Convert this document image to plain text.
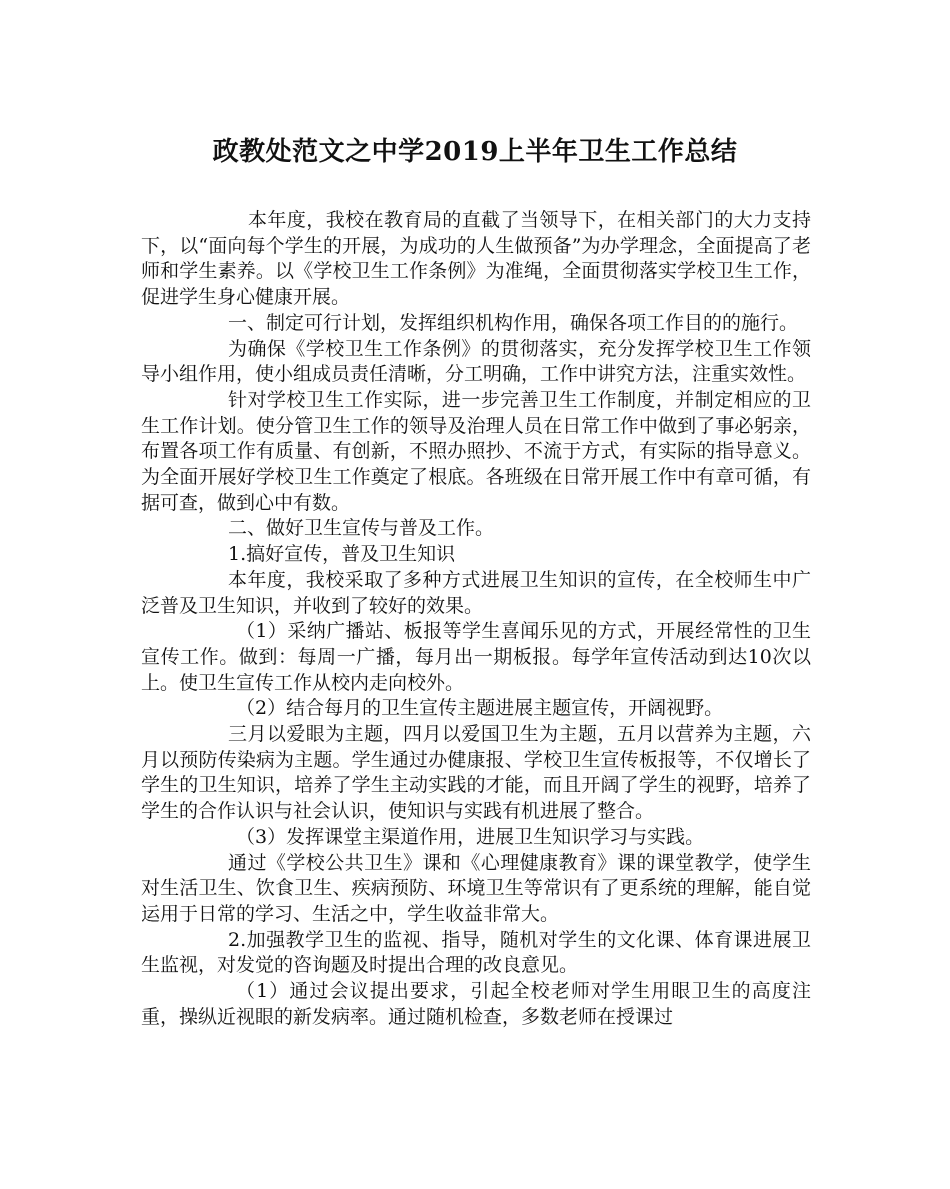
政教处范文之中学2019上半年卫生工作总结

本年度，我校在教育局的直截了当领导下，在相关部门的大力支持下，以“面向每个学生的开展，为成功的人生做预备”为办学理念，全面提高了老师和学生素养。以《学校卫生工作条例》为准绳，全面贯彻落实学校卫生工作，促进学生身心健康开展。

一、制定可行计划，发挥组织机构作用，确保各项工作目的的施行。

为确保《学校卫生工作条例》的贯彻落实，充分发挥学校卫生工作领导小组作用，使小组成员责任清晰，分工明确，工作中讲究方法，注重实效性。

针对学校卫生工作实际，进一步完善卫生工作制度，并制定相应的卫生工作计划。使分管卫生工作的领导及治理人员在日常工作中做到了事必躬亲，布置各项工作有质量、有创新，不照办照抄、不流于方式，有实际的指导意义。为全面开展好学校卫生工作奠定了根底。各班级在日常开展工作中有章可循，有据可查，做到心中有数。

二、做好卫生宣传与普及工作。

1.搞好宣传，普及卫生知识

本年度，我校采取了多种方式进展卫生知识的宣传，在全校师生中广泛普及卫生知识，并收到了较好的效果。

（1）采纳广播站、板报等学生喜闻乐见的方式，开展经常性的卫生宣传工作。做到：每周一广播，每月出一期板报。每学年宣传活动到达10次以上。使卫生宣传工作从校内走向校外。

（2）结合每月的卫生宣传主题进展主题宣传，开阔视野。

三月以爱眼为主题，四月以爱国卫生为主题，五月以营养为主题，六月以预防传染病为主题。学生通过办健康报、学校卫生宣传板报等，不仅增长了学生的卫生知识，培养了学生主动实践的才能，而且开阔了学生的视野，培养了学生的合作认识与社会认识，使知识与实践有机进展了整合。

（3）发挥课堂主渠道作用，进展卫生知识学习与实践。

通过《学校公共卫生》课和《心理健康教育》课的课堂教学，使学生对生活卫生、饮食卫生、疾病预防、环境卫生等常识有了更系统的理解，能自觉运用于日常的学习、生活之中，学生收益非常大。

2.加强教学卫生的监视、指导，随机对学生的文化课、体育课进展卫生监视，对发觉的咨询题及时提出合理的改良意见。

（1）通过会议提出要求，引起全校老师对学生用眼卫生的高度注重，操纵近视眼的新发病率。通过随机检查，多数老师在授课过
